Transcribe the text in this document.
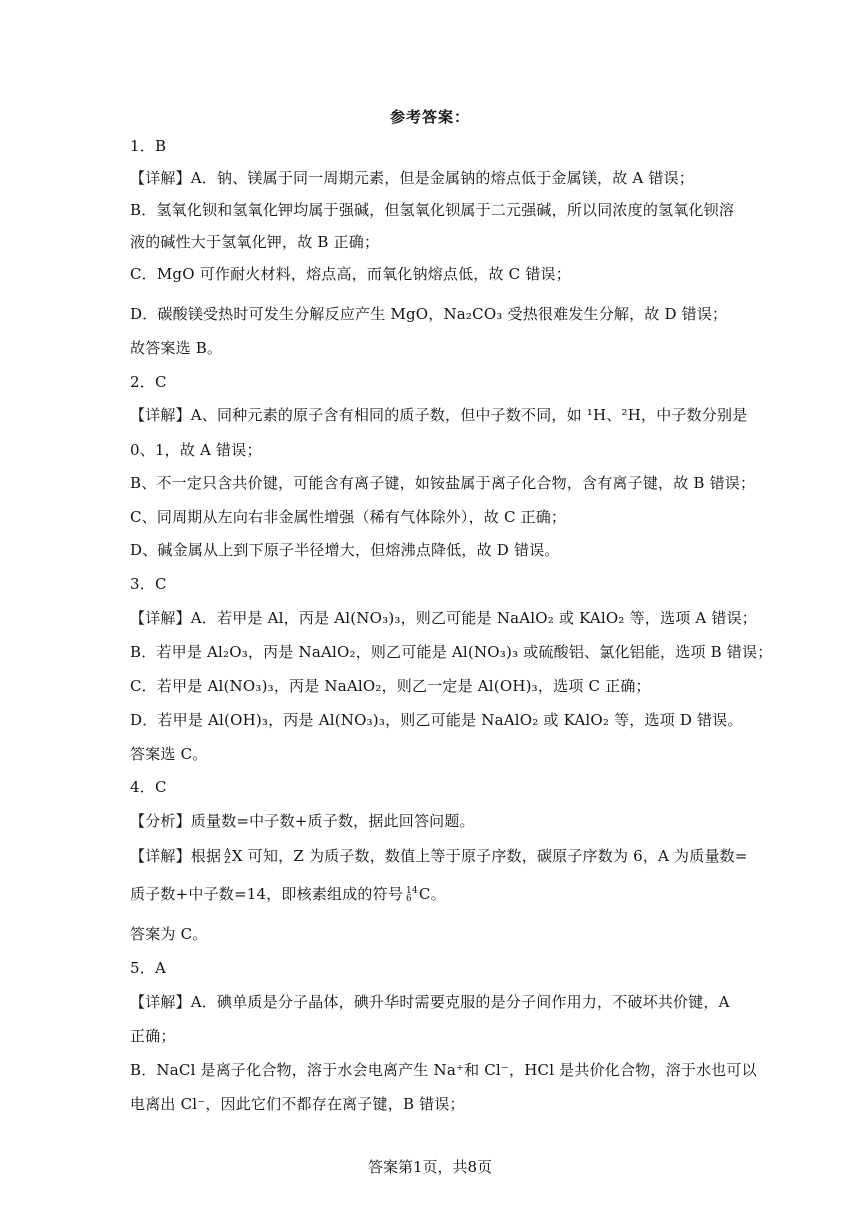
参考答案：
1．B
【详解】A．钠、镁属于同一周期元素，但是金属钠的熔点低于金属镁，故 A 错误；
B．氢氧化钡和氢氧化钾均属于强碱，但氢氧化钡属于二元强碱，所以同浓度的氢氧化钡溶
液的碱性大于氢氧化钾，故 B 正确；
C．MgO 可作耐火材料，熔点高，而氧化钠熔点低，故 C 错误；
D．碳酸镁受热时可发生分解反应产生 MgO，Na₂CO₃ 受热很难发生分解，故 D 错误；
故答案选 B。
2．C
【详解】A、同种元素的原子含有相同的质子数，但中子数不同，如 ¹H、²H，中子数分别是
0、1，故 A 错误；
B、不一定只含共价键，可能含有离子键，如铵盐属于离子化合物，含有离子键，故 B 错误；
C、同周期从左向右非金属性增强（稀有气体除外），故 C 正确；
D、碱金属从上到下原子半径增大，但熔沸点降低，故 D 错误。
3．C
【详解】A．若甲是 Al，丙是 Al(NO₃)₃，则乙可能是 NaAlO₂ 或 KAlO₂ 等，选项 A 错误；
B．若甲是 Al₂O₃，丙是 NaAlO₂，则乙可能是 Al(NO₃)₃ 或硫酸铝、氯化铝能，选项 B 错误；
C．若甲是 Al(NO₃)₃，丙是 NaAlO₂，则乙一定是 Al(OH)₃，选项 C 正确；
D．若甲是 Al(OH)₃，丙是 Al(NO₃)₃，则乙可能是 NaAlO₂ 或 KAlO₂ 等，选项 D 错误。
答案选 C。
4．C
【分析】质量数=中子数+质子数，据此回答问题。
【详解】根据 A
Z X 可知，Z 为质子数，数值上等于原子序数，碳原子序数为 6，A 为质量数=
质子数+中子数=14，即核素组成的符号 14
6 C。
答案为 C。
5．A
【详解】A．碘单质是分子晶体，碘升华时需要克服的是分子间作用力，不破坏共价键，A
正确；
B．NaCl 是离子化合物，溶于水会电离产生 Na⁺和 Cl⁻，HCl 是共价化合物，溶于水也可以
电离出 Cl⁻，因此它们不都存在离子键，B 错误；
答案第1页，共8页
